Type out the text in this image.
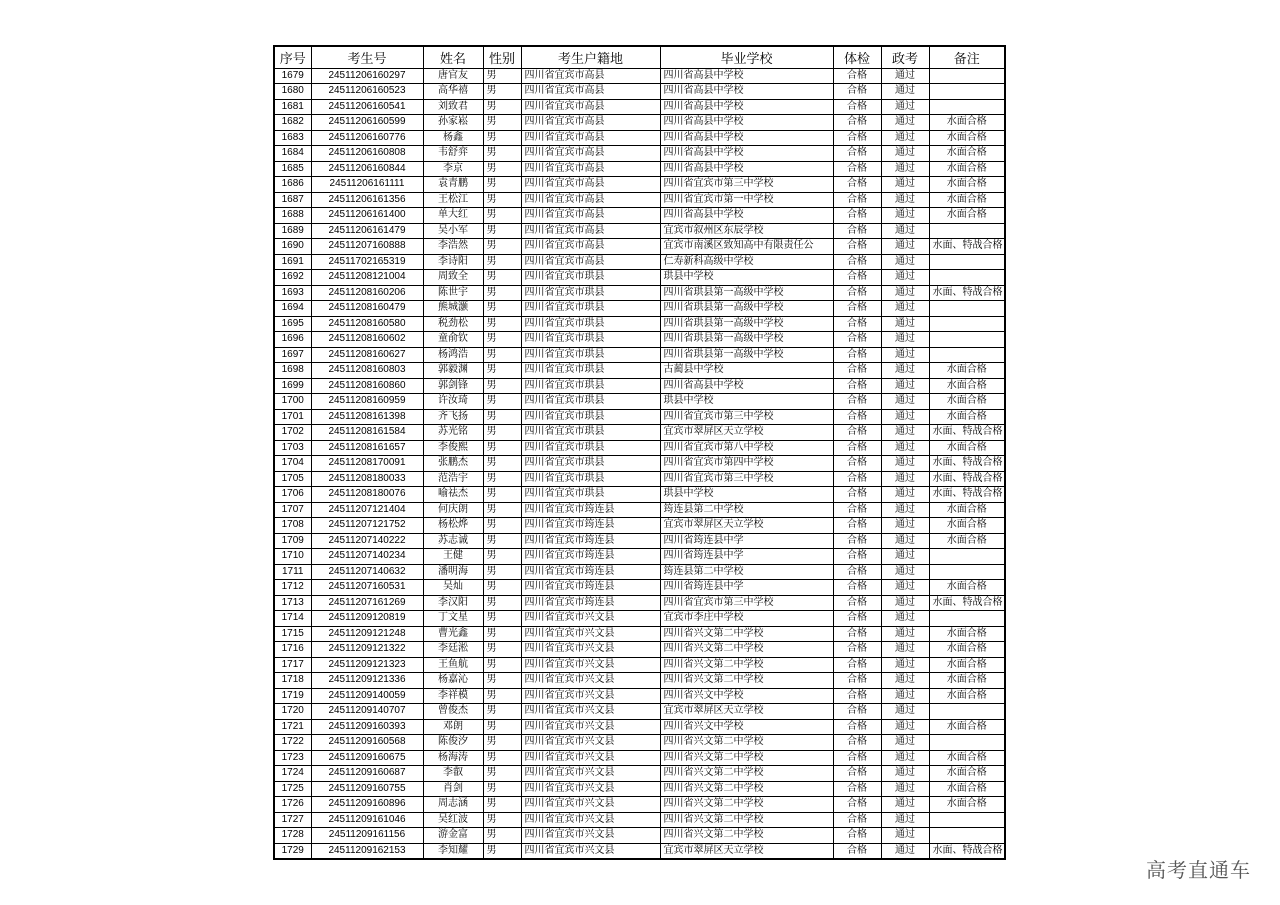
序号	考生号	姓名	性别	考生户籍地	毕业学校	体检	政考	备注
1679	24511206160297	唐官友	男	四川省宜宾市高县	四川省高县中学校	合格	通过	
1680	24511206160523	高华禧	男	四川省宜宾市高县	四川省高县中学校	合格	通过	
1681	24511206160541	刘致君	男	四川省宜宾市高县	四川省高县中学校	合格	通过	
1682	24511206160599	孙家崧	男	四川省宜宾市高县	四川省高县中学校	合格	通过	水面合格
1683	24511206160776	杨鑫	男	四川省宜宾市高县	四川省高县中学校	合格	通过	水面合格
1684	24511206160808	韦舒弈	男	四川省宜宾市高县	四川省高县中学校	合格	通过	水面合格
1685	24511206160844	李京	男	四川省宜宾市高县	四川省高县中学校	合格	通过	水面合格
1686	24511206161111	袁青鹏	男	四川省宜宾市高县	四川省宜宾市第三中学校	合格	通过	水面合格
1687	24511206161356	王松江	男	四川省宜宾市高县	四川省宜宾市第一中学校	合格	通过	水面合格
1688	24511206161400	单大红	男	四川省宜宾市高县	四川省高县中学校	合格	通过	水面合格
1689	24511206161479	吴小军	男	四川省宜宾市高县	宜宾市叙州区东辰学校	合格	通过	
1690	24511207160888	李浩然	男	四川省宜宾市高县	宜宾市南溪区致知高中有限责任公	合格	通过	水面、特战合格
1691	24511702165319	李诗阳	男	四川省宜宾市高县	仁寿新科高级中学校	合格	通过	
1692	24511208121004	周致全	男	四川省宜宾市珙县	珙县中学校	合格	通过	
1693	24511208160206	陈世宇	男	四川省宜宾市珙县	四川省珙县第一高级中学校	合格	通过	水面、特战合格
1694	24511208160479	熊城灏	男	四川省宜宾市珙县	四川省珙县第一高级中学校	合格	通过	
1695	24511208160580	税劲松	男	四川省宜宾市珙县	四川省珙县第一高级中学校	合格	通过	
1696	24511208160602	童俞钦	男	四川省宜宾市珙县	四川省珙县第一高级中学校	合格	通过	
1697	24511208160627	杨鸿浩	男	四川省宜宾市珙县	四川省珙县第一高级中学校	合格	通过	
1698	24511208160803	郭毅渊	男	四川省宜宾市珙县	古蔺县中学校	合格	通过	水面合格
1699	24511208160860	郭剑锋	男	四川省宜宾市珙县	四川省高县中学校	合格	通过	水面合格
1700	24511208160959	许汝琦	男	四川省宜宾市珙县	珙县中学校	合格	通过	水面合格
1701	24511208161398	齐飞扬	男	四川省宜宾市珙县	四川省宜宾市第三中学校	合格	通过	水面合格
1702	24511208161584	苏光铭	男	四川省宜宾市珙县	宜宾市翠屏区天立学校	合格	通过	水面、特战合格
1703	24511208161657	李俊熙	男	四川省宜宾市珙县	四川省宜宾市第八中学校	合格	通过	水面合格
1704	24511208170091	张鹏杰	男	四川省宜宾市珙县	四川省宜宾市第四中学校	合格	通过	水面、特战合格
1705	24511208180033	范浩宇	男	四川省宜宾市珙县	四川省宜宾市第三中学校	合格	通过	水面、特战合格
1706	24511208180076	喻祛杰	男	四川省宜宾市珙县	珙县中学校	合格	通过	水面、特战合格
1707	24511207121404	何庆朗	男	四川省宜宾市筠连县	筠连县第二中学校	合格	通过	水面合格
1708	24511207121752	杨松烨	男	四川省宜宾市筠连县	宜宾市翠屏区天立学校	合格	通过	水面合格
1709	24511207140222	苏志诚	男	四川省宜宾市筠连县	四川省筠连县中学	合格	通过	水面合格
1710	24511207140234	王健	男	四川省宜宾市筠连县	四川省筠连县中学	合格	通过	
1711	24511207140632	潘明海	男	四川省宜宾市筠连县	筠连县第二中学校	合格	通过	
1712	24511207160531	吴灿	男	四川省宜宾市筠连县	四川省筠连县中学	合格	通过	水面合格
1713	24511207161269	李汉阳	男	四川省宜宾市筠连县	四川省宜宾市第三中学校	合格	通过	水面、特战合格
1714	24511209120819	丁文星	男	四川省宜宾市兴文县	宜宾市李庄中学校	合格	通过	
1715	24511209121248	曹光鑫	男	四川省宜宾市兴文县	四川省兴文第二中学校	合格	通过	水面合格
1716	24511209121322	李廷淞	男	四川省宜宾市兴文县	四川省兴文第二中学校	合格	通过	水面合格
1717	24511209121323	王鱼航	男	四川省宜宾市兴文县	四川省兴文第二中学校	合格	通过	水面合格
1718	24511209121336	杨嘉沁	男	四川省宜宾市兴文县	四川省兴文第二中学校	合格	通过	水面合格
1719	24511209140059	李祥模	男	四川省宜宾市兴文县	四川省兴文中学校	合格	通过	水面合格
1720	24511209140707	曾俊杰	男	四川省宜宾市兴文县	宜宾市翠屏区天立学校	合格	通过	
1721	24511209160393	邓朗	男	四川省宜宾市兴文县	四川省兴文中学校	合格	通过	水面合格
1722	24511209160568	陈俊汐	男	四川省宜宾市兴文县	四川省兴文第二中学校	合格	通过	
1723	24511209160675	杨海涛	男	四川省宜宾市兴文县	四川省兴文第二中学校	合格	通过	水面合格
1724	24511209160687	李叡	男	四川省宜宾市兴文县	四川省兴文第二中学校	合格	通过	水面合格
1725	24511209160755	肖剑	男	四川省宜宾市兴文县	四川省兴文第二中学校	合格	通过	水面合格
1726	24511209160896	周志涵	男	四川省宜宾市兴文县	四川省兴文第二中学校	合格	通过	水面合格
1727	24511209161046	吴红波	男	四川省宜宾市兴文县	四川省兴文第二中学校	合格	通过	
1728	24511209161156	游金富	男	四川省宜宾市兴文县	四川省兴文第二中学校	合格	通过	
1729	24511209162153	李知耀	男	四川省宜宾市兴文县	宜宾市翠屏区天立学校	合格	通过	水面、特战合格
高考直通车
